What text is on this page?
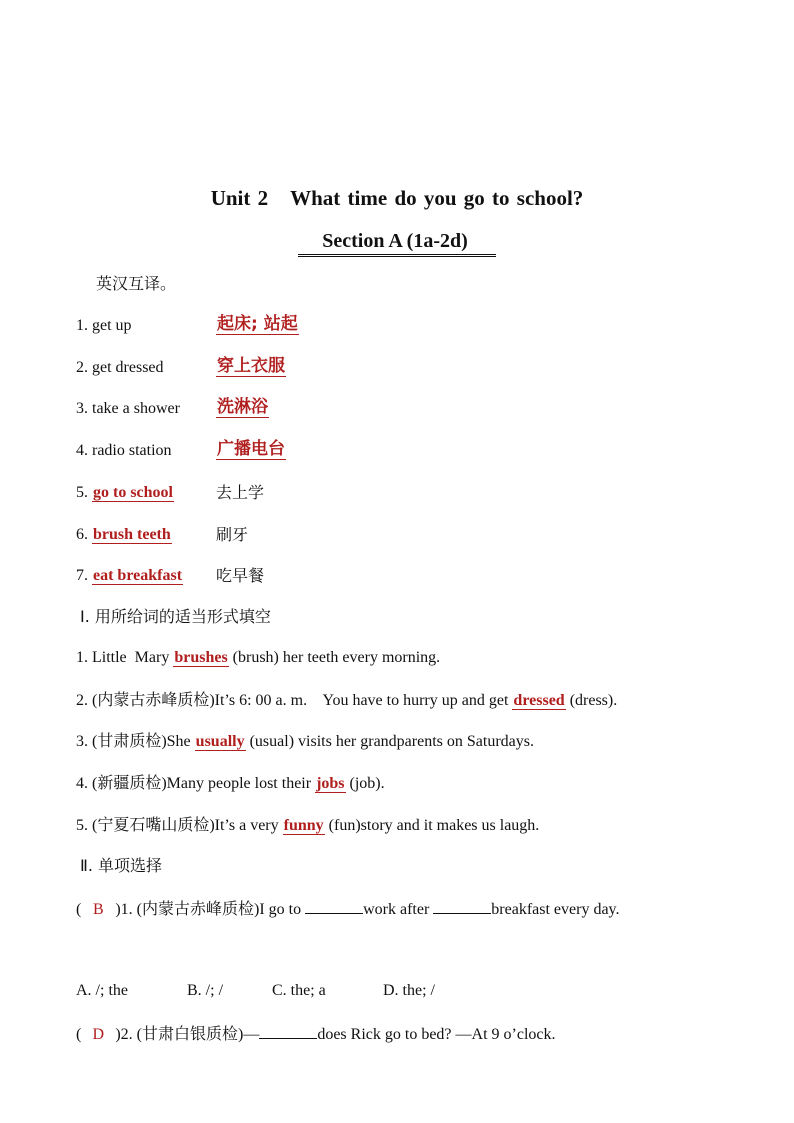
Unit 2 What time do you go to school?
Section A (1a-2d)
英汉互译。
1. get up	起床; 站起
2. get dressed	穿上衣服
3. take a shower 洗淋浴
4. radio station	广播电台
5. go to school	去上学
6. brush teeth	刷牙
7. eat breakfast 吃早餐
Ⅰ. 用所给词的适当形式填空
1. Little  Mary brushes (brush) her teeth every morning.
2. (内蒙古赤峰质检)It’s 6: 00 a. m.    You have to hurry up and get dressed (dress).
3. (甘肃质检)She usually (usual) visits her grandparents on Saturdays.
4. (新疆质检)Many people lost their jobs (job).
5. (宁夏石嘴山质检)It’s a very funny (fun)story and it makes us laugh.
Ⅱ. 单项选择
( B )1. (内蒙古赤峰质检)I go to	work after	breakfast every day.
A. /; the	B. /; /	C. the; a	D. the; /
( D )2. (甘肃白银质检)—	does Rick go to bed? —At 9 o’clock.
